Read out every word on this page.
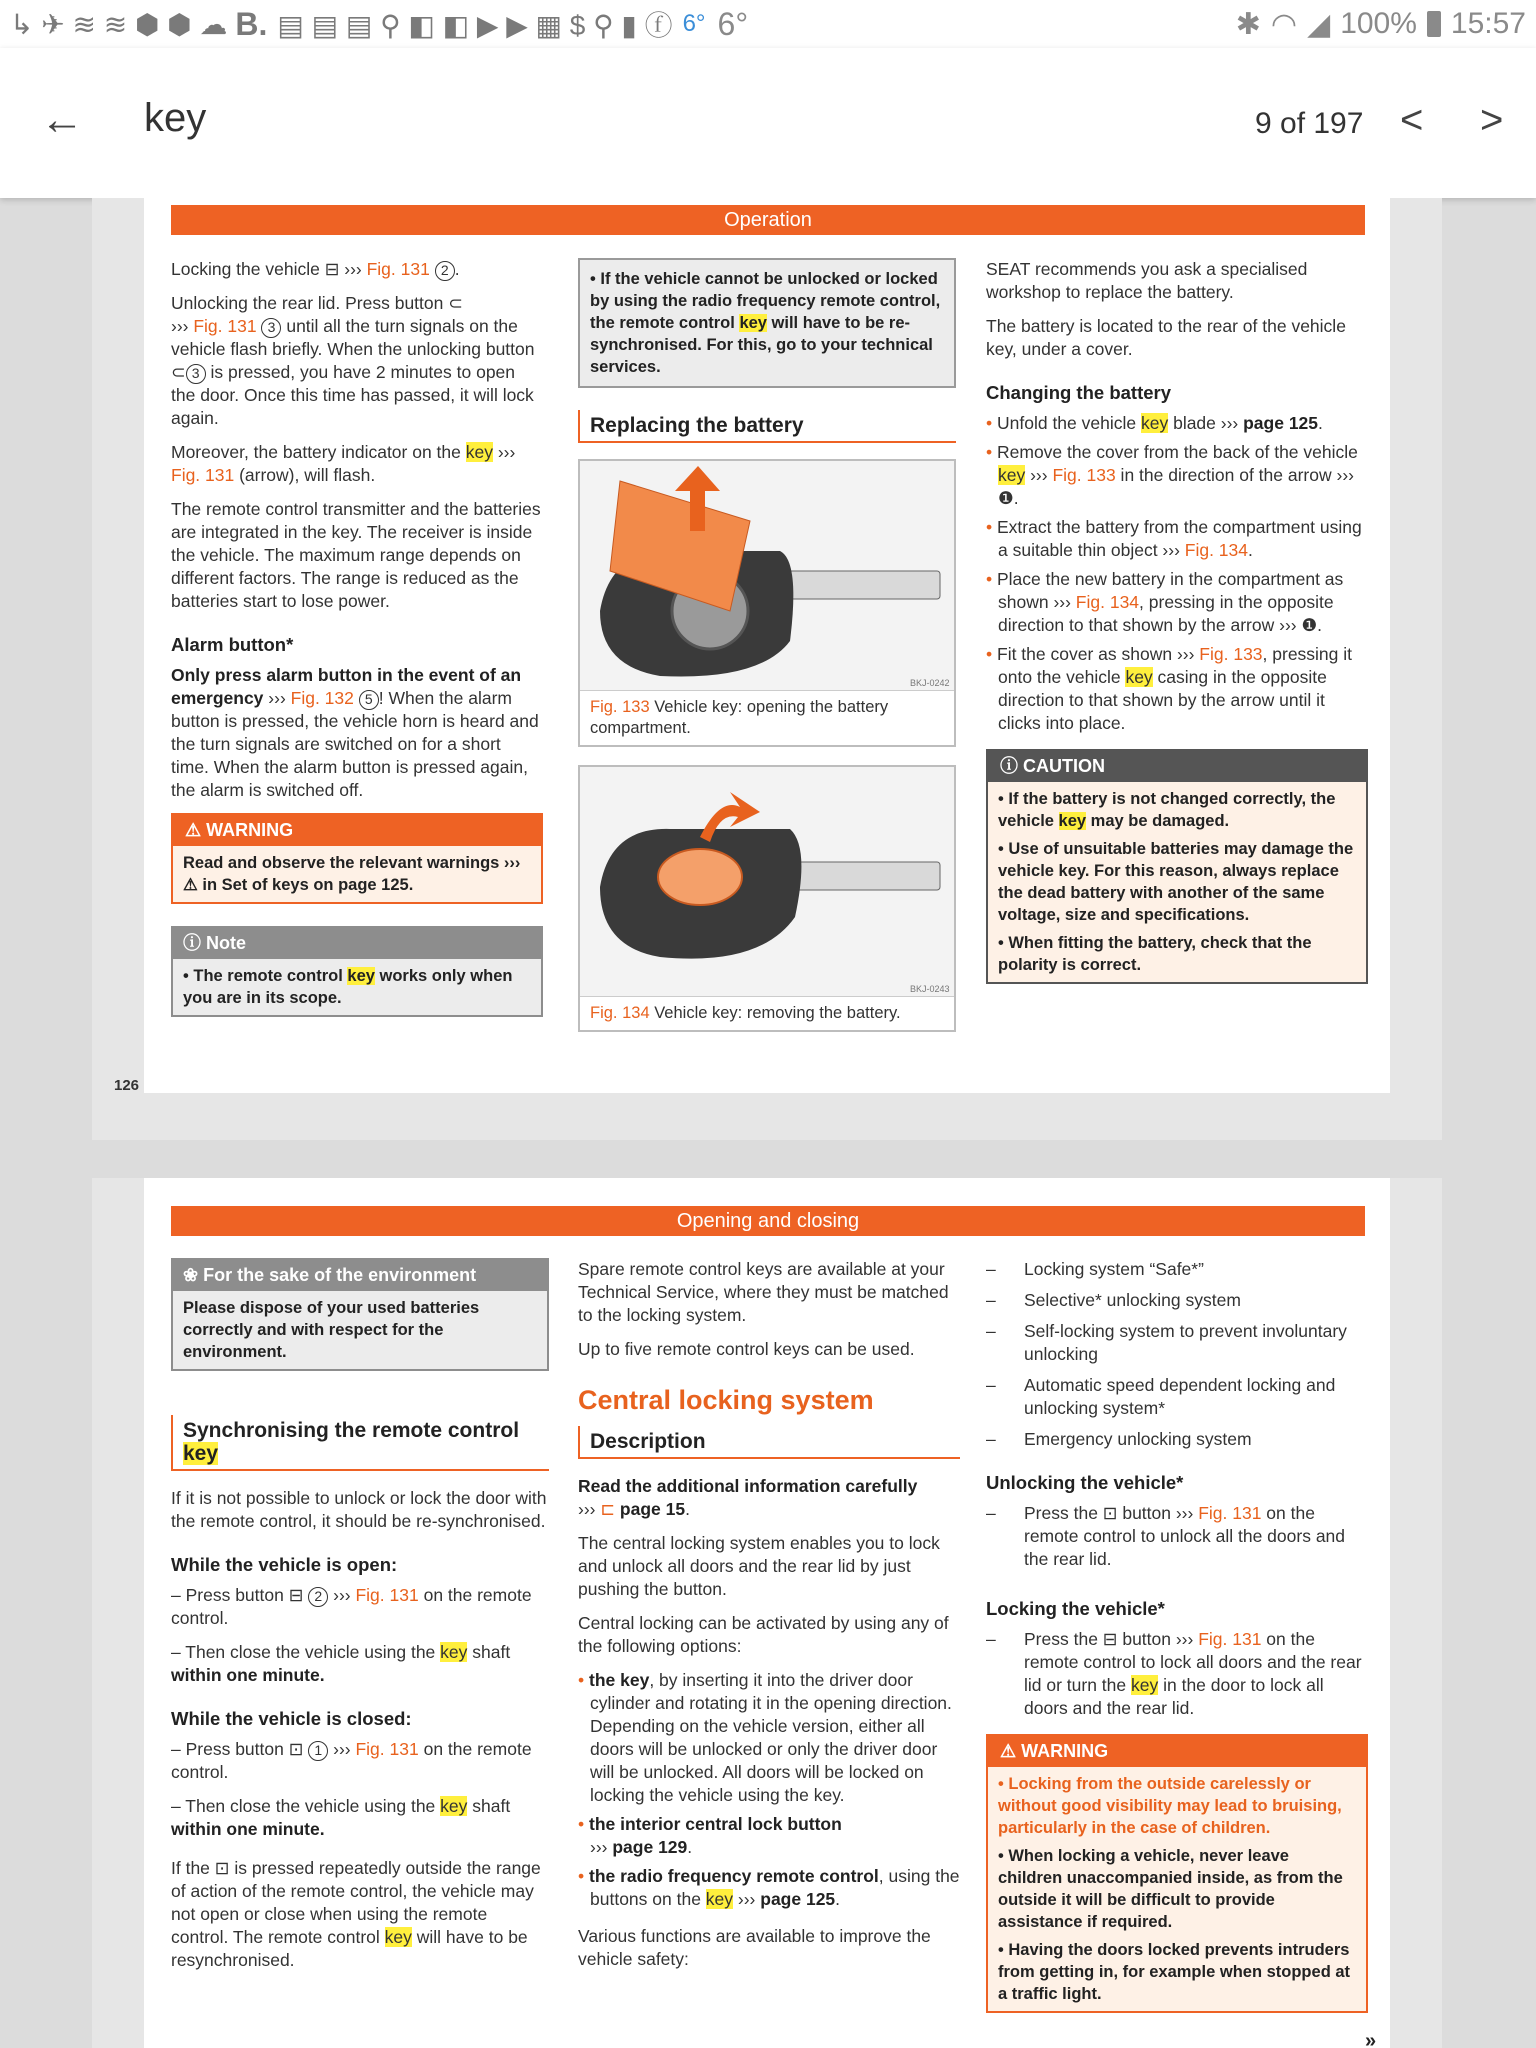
↳ ✈ ≋ ≋ ⬢ ⬢ ☁ B. ▤ ▤ ▤ ⚲ ◧ ◧ ▶ ▶ ▦ $ ⚲ ▮ ⓕ 6° 6°	✱ ◠ ◢ 100% 15:57
← key	9 of 197 < >
Operation

Locking the vehicle ⊟ ››› Fig. 131 2 .

Unlocking the rear lid. Press button ⊂
››› Fig. 131 3 until all the turn signals on the vehicle flash briefly. When the unlocking button ⊂ 3 is pressed, you have 2 minutes to open the door. Once this time has passed, it will lock again.

Moreover, the battery indicator on the key ››› Fig. 131 (arrow), will flash.

The remote control transmitter and the batteries are integrated in the key. The receiver is inside the vehicle. The maximum range depends on different factors. The range is reduced as the batteries start to lose power.

Alarm button*

Only press alarm button in the event of an emergency ››› Fig. 132 5 ! When the alarm button is pressed, the vehicle horn is heard and the turn signals are switched on for a short time. When the alarm button is pressed again, the alarm is switched off.

⚠ WARNING
Read and observe the relevant warnings ››› ⚠ in Set of keys on page 125.
ⓘ Note
• The remote control key works only when you are in its scope.
• If the vehicle cannot be unlocked or locked by using the radio frequency remote control, the remote control key will have to be re-synchronised. For this, go to your technical services.
Replacing the battery
BKJ-0242
Fig. 133 Vehicle key: opening the battery compartment.
BKJ-0243
Fig. 134 Vehicle key: removing the battery.

SEAT recommends you ask a specialised workshop to replace the battery.

The battery is located to the rear of the vehicle key, under a cover.

Changing the battery
• Unfold the vehicle key blade ››› page 125.
• Remove the cover from the back of the vehicle key ››› Fig. 133 in the direction of the arrow ››› ❶.
• Extract the battery from the compartment using a suitable thin object ››› Fig. 134.
• Place the new battery in the compartment as shown ››› Fig. 134, pressing in the opposite direction to that shown by the arrow ››› ❶.
• Fit the cover as shown ››› Fig. 133, pressing it onto the vehicle key casing in the opposite direction to that shown by the arrow until it clicks into place.
ⓘ CAUTION
• If the battery is not changed correctly, the vehicle key may be damaged.
• Use of unsuitable batteries may damage the vehicle key. For this reason, always replace the dead battery with another of the same voltage, size and specifications.
• When fitting the battery, check that the polarity is correct.
126
Opening and closing
❀ For the sake of the environment
Please dispose of your used batteries correctly and with respect for the environment.
Synchronising the remote control key

If it is not possible to unlock or lock the door with the remote control, it should be re-synchronised.

While the vehicle is open:

– Press button ⊟ 2 ››› Fig. 131 on the remote control.

– Then close the vehicle using the key shaft within one minute.

While the vehicle is closed:

– Press button ⊡ 1 ››› Fig. 131 on the remote control.

– Then close the vehicle using the key shaft within one minute.

If the ⊡ is pressed repeatedly outside the range of action of the remote control, the vehicle may not open or close when using the remote control. The remote control key will have to be resynchronised.

Spare remote control keys are available at your Technical Service, where they must be matched to the locking system.

Up to five remote control keys can be used.

Central locking system
Description

Read the additional information carefully
››› ⊏ page 15.

The central locking system enables you to lock and unlock all doors and the rear lid by just pushing the button.

Central locking can be activated by using any of the following options:

• the key, by inserting it into the driver door cylinder and rotating it in the opening direction. Depending on the vehicle version, either all doors will be unlocked or only the driver door will be unlocked. All doors will be locked on locking the vehicle using the key.
• the interior central lock button
››› page 129.
• the radio frequency remote control, using the buttons on the key ››› page 125.

Various functions are available to improve the vehicle safety:

– Locking system “Safe*”
– Selective* unlocking system
– Self-locking system to prevent involuntary unlocking
– Automatic speed dependent locking and unlocking system*
– Emergency unlocking system
Unlocking the vehicle*
– Press the ⊡ button ››› Fig. 131 on the remote control to unlock all the doors and the rear lid.
Locking the vehicle*
– Press the ⊟ button ››› Fig. 131 on the remote control to lock all doors and the rear lid or turn the key in the door to lock all doors and the rear lid.
⚠ WARNING
• Locking from the outside carelessly or without good visibility may lead to bruising, particularly in the case of children.
• When locking a vehicle, never leave children unaccompanied inside, as from the outside it will be difficult to provide assistance if required.
• Having the doors locked prevents intruders from getting in, for example when stopped at a traffic light.
»
